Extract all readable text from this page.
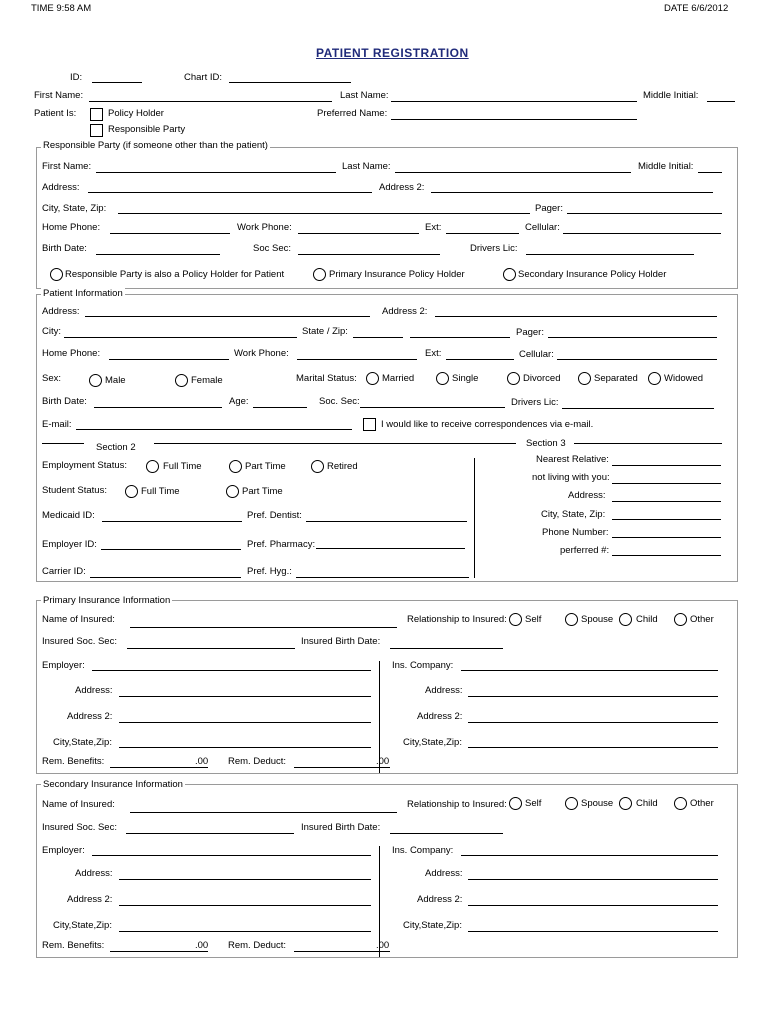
TIME 9:58 AM	DATE 6/6/2012
PATIENT REGISTRATION
ID:	Chart ID:
First Name:	Last Name:	Middle Initial:
Patient Is:	Policy Holder
Responsible Party
Preferred Name:
Responsible Party (if someone other than the patient)
First Name:	Last Name:	Middle Initial:
Address:	Address 2:
City, State, Zip:	Pager:
Home Phone:	Work Phone:	Ext:	Cellular:
Birth Date:	Soc Sec:	Drivers Lic:
Responsible Party is also a Policy Holder for Patient	Primary Insurance Policy Holder	Secondary Insurance Policy Holder
Patient Information
Address:	Address 2:
City:	State / Zip:	Pager:
Home Phone:	Work Phone:	Ext:	Cellular:
Sex:	Male	Female	Marital Status:	Married	Single	Divorced	Separated	Widowed
Birth Date:	Age:	Soc. Sec:	Drivers Lic:
E-mail:	I would like to receive correspondences via e-mail.
Section 2
Employment Status:	Full Time	Part Time	Retired
Student Status:	Full Time	Part Time
Medicaid ID:	Pref. Dentist:
Employer ID:	Pref. Pharmacy:
Carrier ID:	Pref. Hyg.:
Section 3
Nearest Relative:
not living with you:
Address:
City, State, Zip:
Phone Number:
perferred #:
Primary Insurance Information
Name of Insured:	Relationship to Insured: Self	Spouse Child	Other
Insured Soc. Sec:	Insured Birth Date:
Employer:	Ins. Company:
Address:	Address:
Address 2:	Address 2:
City,State,Zip:	City,State,Zip:
Rem. Benefits:	.00 Rem. Deduct:	.00
Secondary Insurance Information
Name of Insured:	Relationship to Insured: Self	Spouse Child	Other
Insured Soc. Sec:	Insured Birth Date:
Employer:	Ins. Company:
Address:	Address:
Address 2:	Address 2:
City,State,Zip:	City,State,Zip:
Rem. Benefits:	.00 Rem. Deduct:	.00
